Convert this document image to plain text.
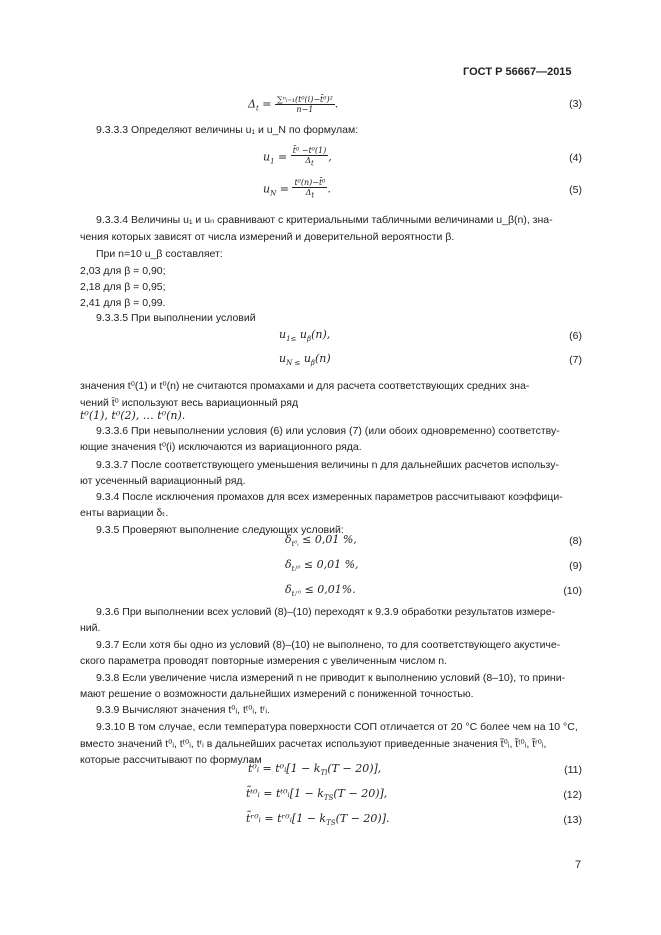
ГОСТ Р 56667—2015
$\Delta_t = \frac{\text{∑ⁿᵢ₌₁(t⁰(i)−t̄⁰)²}}{n-1}$ .	(3)
9.3.3.3 Определяют величины u₁ и u_N по формулам:
$u_1 = \frac{\text{t̄⁰ −t⁰(1)}}{\Delta_t}$ ,	(4)
$u_N = \frac{\text{t⁰(n)−t̄⁰}}{\Delta_t}$ .	(5)
9.3.3.4 Величины u₁ и uₙ сравнивают с критериальными табличными величинами u_β(n), зна-
чения которых зависят от числа измерений и доверительной вероятности β.
При n=10 u_β составляет:
2,03 для β = 0,90;
2,18 для β = 0,95;
2,41 для β = 0,99.
9.3.3.5 При выполнении условий
$u_{1\le}$ $u_\beta(n)$,	(6)
$u_{N \le}$ $u_\beta(n)$	(7)
значения t⁰(1) и t⁰(n) не считаются промахами и для расчета соответствующих средних зна-
чений t̄⁰ используют весь вариационный ряд
t⁰(1), t⁰(2), … t⁰(n).
9.3.3.6 При невыполнении условия (6) или условия (7) (или обоих одновременно) соответству-
ющие значения t⁰(i) исключаются из вариационного ряда.
9.3.3.7 После соответствующего уменьшения величины n для дальнейших расчетов использу-
ют усеченный вариационный ряд.
9.3.4 После исключения промахов для всех измеренных параметров рассчитывают коэффици-
енты вариации δₜ.
9.3.5 Проверяют выполнение следующих условий:
$\delta_{t^0ᵢ} \le 0,01$ %,	(8)
$\delta_{tᵢᵗ^0} \le 0,01$ %,	(9)
$\delta_{tᵢʳ^0} \le 0,01\%$.	(10)
9.3.6 При выполнении всех условий (8)–(10) переходят к 9.3.9 обработки результатов измере-
ний.
9.3.7 Если хотя бы одно из условий (8)–(10) не выполнено, то для соответствующего акустиче-
ского параметра проводят повторные измерения с увеличенным числом n.
9.3.8 Если увеличение числа измерений n не приводит к выполнению условий (8–10), то прини-
мают решение о возможности дальнейших измерений с пониженной точностью.
9.3.9 Вычисляют значения t⁰ᵢ, tᵗ⁰ᵢ, tʳᵢ.
9.3.10 В том случае, если температура поверхности СОП отличается от 20 °C более чем на 10 °C,
вместо значений t⁰ᵢ, tᵗ⁰ᵢ, tʳᵢ в дальнейших расчетах используют приведенные значения t̃⁰ᵢ, t̃ᵗ⁰ᵢ, t̃ʳ⁰ᵢ,
которые рассчитывают по формулам
t̃⁰ᵢ = t⁰ᵢ[1 − $k_{Tl}(T - 20)$],	(11)
t̃ᵗ⁰ᵢ = tᵗ⁰ᵢ[1 − $k_{TS}(T - 20)$],	(12)
t̃ʳ⁰ᵢ = tʳ⁰ᵢ[1 − $k_{TS}(T - 20)$].	(13)
7
